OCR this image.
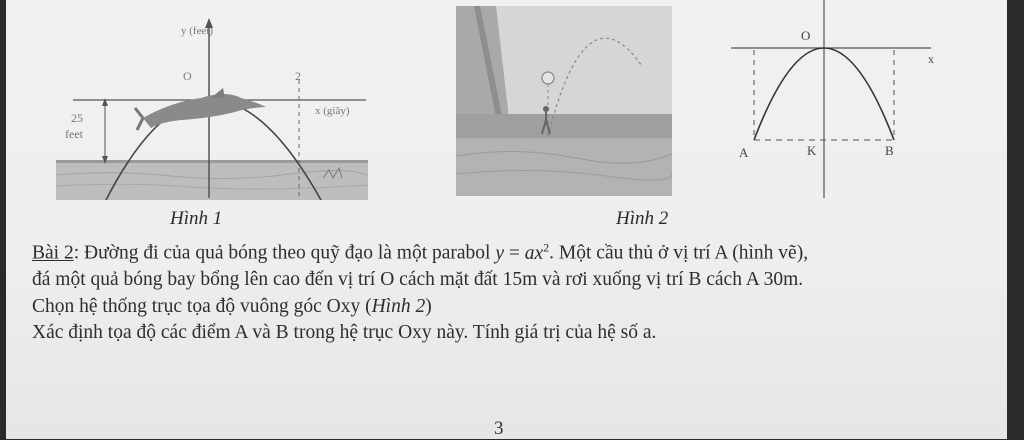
y (feet)
x (giây)
O	2
25
feet
O
x
A	K	B
Hình 1	Hình 2

Bài 2: Đường đi của quả bóng theo quỹ đạo là một parabol $y = ax^2$. Một cầu thủ ở vị trí A (hình vẽ),

đá một quả bóng bay bổng lên cao đến vị trí O cách mặt đất 15m và rơi xuống vị trí B cách A 30m.

Chọn hệ thống trục tọa độ vuông góc Oxy (Hình 2)

Xác định tọa độ các điểm A và B trong hệ trục Oxy này. Tính giá trị của hệ số a.

3
